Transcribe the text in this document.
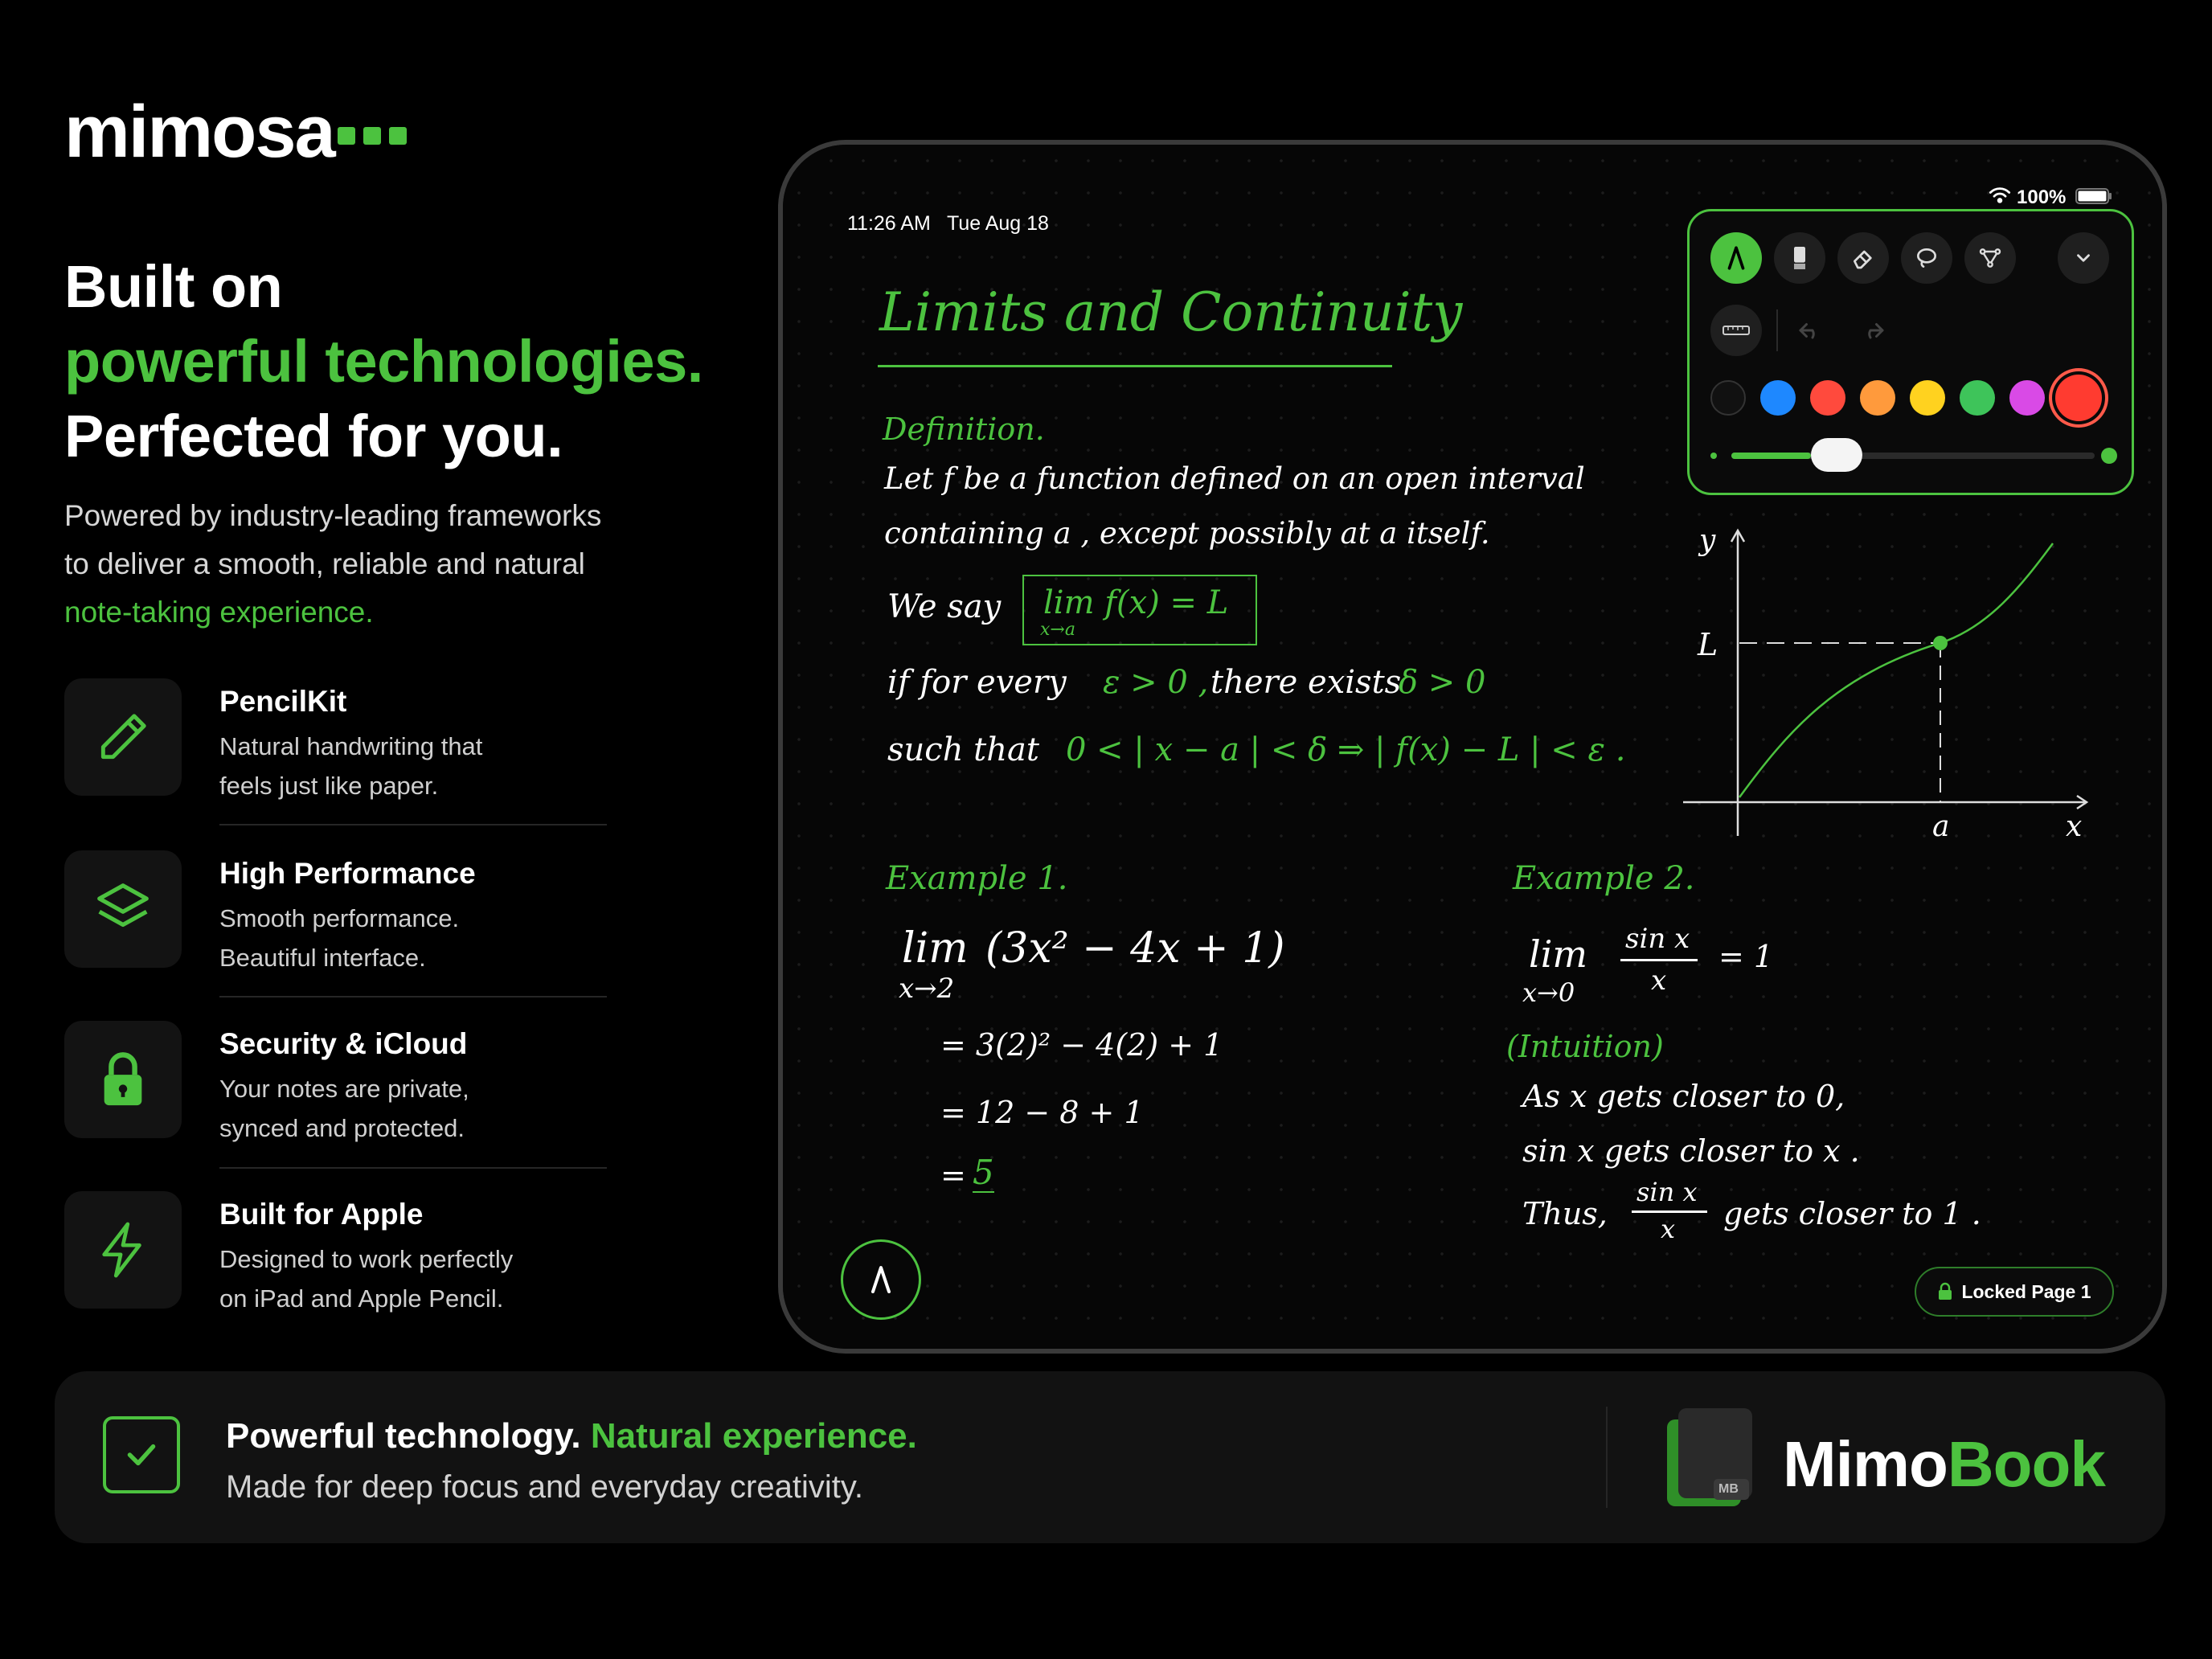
mimosa
Built on
powerful technologies.
Perfected for you.
Powered by industry-leading frameworks
to deliver a smooth, reliable and natural
note-taking experience.
PencilKit
Natural handwriting that
feels just like paper.
High Performance
Smooth performance.
Beautiful interface.
Security & iCloud
Your notes are private,
synced and protected.
Built for Apple
Designed to work perfectly
on iPad and Apple Pencil.
11:26 AM Tue Aug 18
100%
Limits and Continuity
Definition.
Let f be a function defined on an open interval
containing a , except possibly at a itself.
We say lim f(x) = L
x→a
if for every ε > 0 , there exists
δ > 0
such that 0 < | x − a | < δ ⇒ | f(x) − L | < ε .
y
L
a	x
Example 1.
lim
x→2
(3x² − 4x + 1)
= 3(2)² − 4(2) + 1
= 12 − 8 + 1
= 5
Example 2.
lim
x→0
sin x
x
= 1
(Intuition)
As x gets closer to 0,
sin x gets closer to x .
Thus,
sin x
x gets closer to 1 .
Locked Page 1
Powerful technology. Natural experience.
Made for deep focus and everyday creativity.	MB MimoBook
